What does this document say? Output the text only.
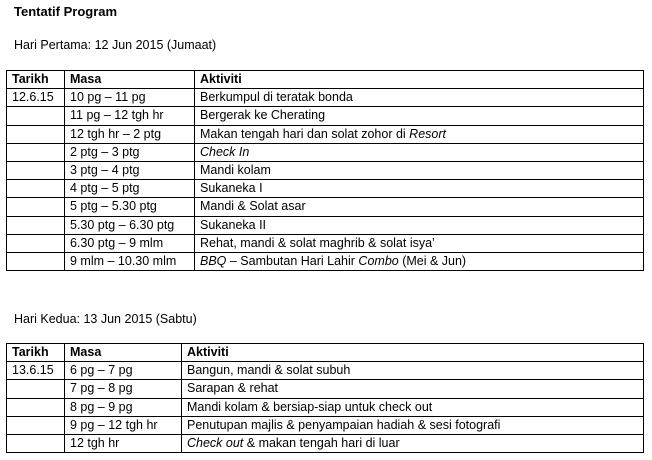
Tentatif Program
Hari Pertama: 12 Jun 2015 (Jumaat)
Tarikh	Masa	Aktiviti
12.6.15	10 pg – 11 pg	Berkumpul di teratak bonda
	11 pg – 12 tgh hr	Bergerak ke Cherating
	12 tgh hr – 2 ptg	Makan tengah hari dan solat zohor di Resort
	2 ptg – 3 ptg	Check In
	3 ptg – 4 ptg	Mandi kolam
	4 ptg – 5 ptg	Sukaneka I
	5 ptg – 5.30 ptg	Mandi & Solat asar
	5.30 ptg – 6.30 ptg	Sukaneka II
	6.30 ptg – 9 mlm	Rehat, mandi & solat maghrib & solat isya’
	9 mlm – 10.30 mlm	BBQ – Sambutan Hari Lahir Combo (Mei & Jun)
Hari Kedua: 13 Jun 2015 (Sabtu)
Tarikh	Masa	Aktiviti
13.6.15	6 pg – 7 pg	Bangun, mandi & solat subuh
	7 pg – 8 pg	Sarapan & rehat
	8 pg – 9 pg	Mandi kolam & bersiap-siap untuk check out
	9 pg – 12 tgh hr	Penutupan majlis & penyampaian hadiah & sesi fotografi
	12 tgh hr	Check out & makan tengah hari di luar
